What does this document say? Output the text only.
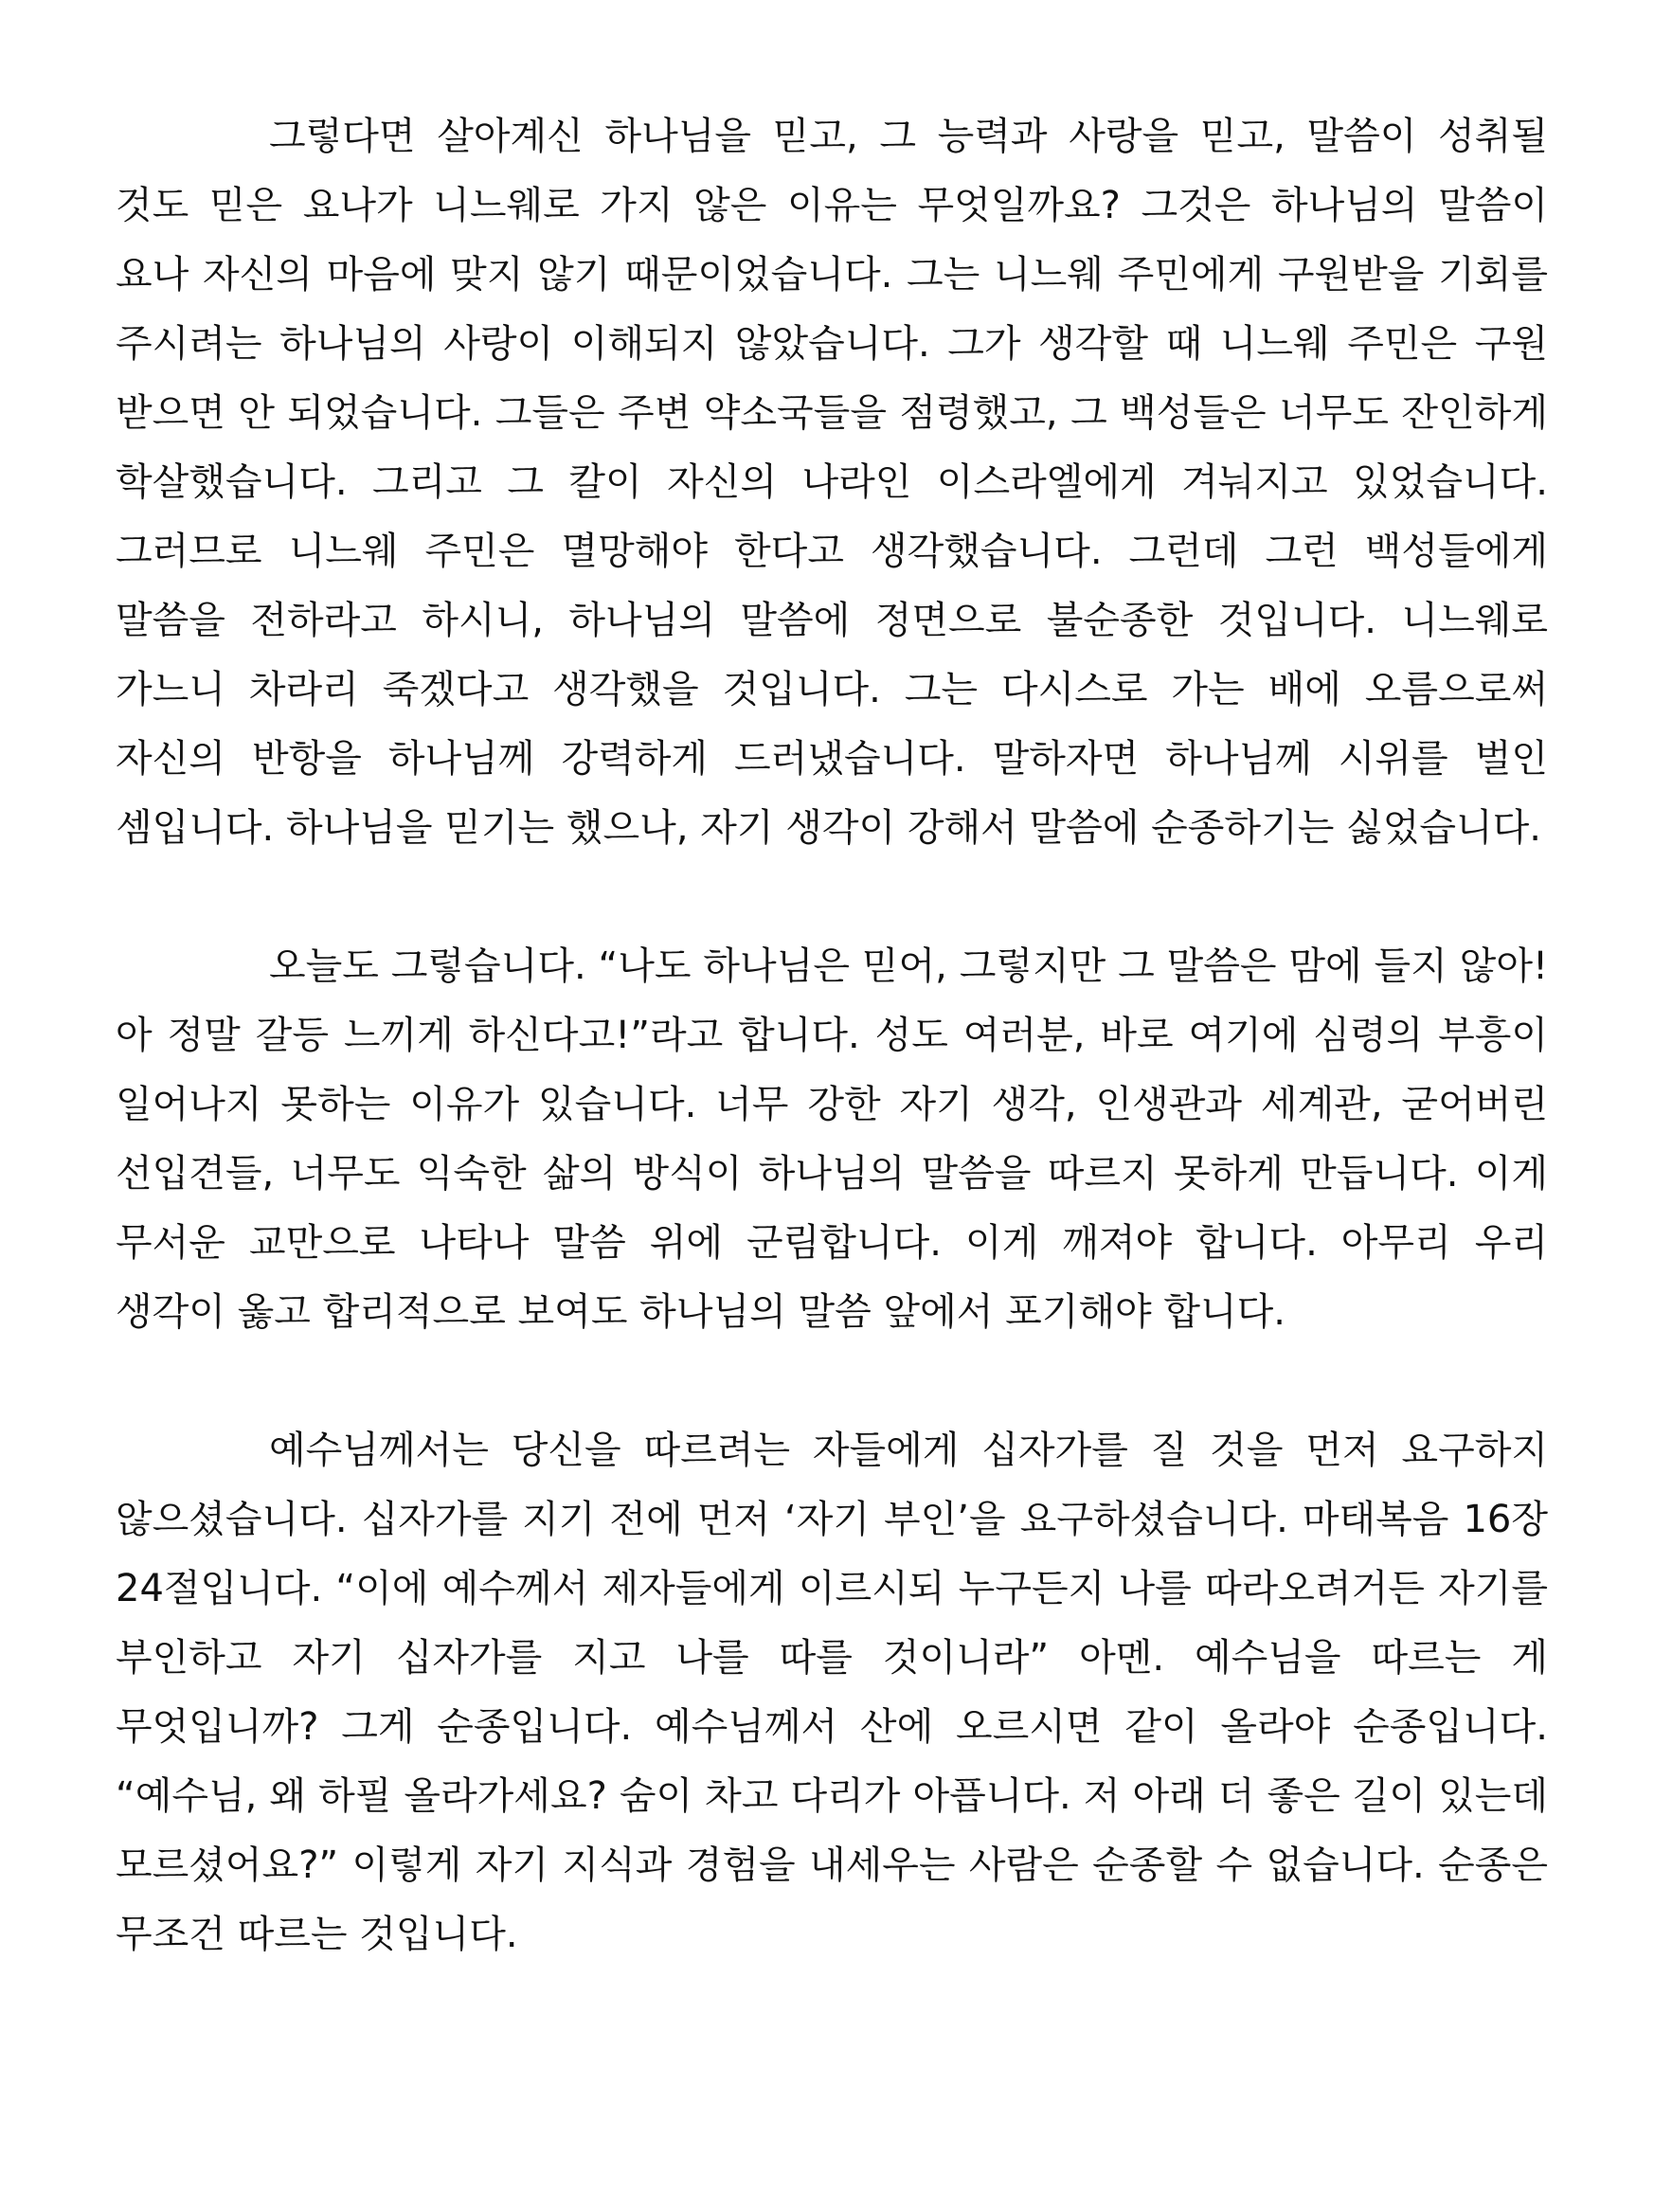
그렇다면 살아계신 하나님을 믿고, 그 능력과 사랑을 믿고, 말씀이 성취될 것도 믿은 요나가 니느웨로 가지 않은 이유는 무엇일까요? 그것은 하나님의 말씀이 요나 자신의 마음에 맞지 않기 때문이었습니다. 그는 니느웨 주민에게 구원받을 기회를 주시려는 하나님의 사랑이 이해되지 않았습니다. 그가 생각할 때 니느웨 주민은 구원 받으면 안 되었습니다. 그들은 주변 약소국들을 점령했고, 그 백성들은 너무도 잔인하게 학살했습니다. 그리고 그 칼이 자신의 나라인 이스라엘에게 겨눠지고 있었습니다. 그러므로 니느웨 주민은 멸망해야 한다고 생각했습니다. 그런데 그런 백성들에게 말씀을 전하라고 하시니, 하나님의 말씀에 정면으로 불순종한 것입니다. 니느웨로 가느니 차라리 죽겠다고 생각했을 것입니다. 그는 다시스로 가는 배에 오름으로써 자신의 반항을 하나님께 강력하게 드러냈습니다. 말하자면 하나님께 시위를 벌인 셈입니다. 하나님을 믿기는 했으나, 자기 생각이 강해서 말씀에 순종하기는 싫었습니다.

오늘도 그렇습니다. “나도 하나님은 믿어, 그렇지만 그 말씀은 맘에 들지 않아! 아 정말 갈등 느끼게 하신다고!”라고 합니다. 성도 여러분, 바로 여기에 심령의 부흥이 일어나지 못하는 이유가 있습니다. 너무 강한 자기 생각, 인생관과 세계관, 굳어버린 선입견들, 너무도 익숙한 삶의 방식이 하나님의 말씀을 따르지 못하게 만듭니다. 이게 무서운 교만으로 나타나 말씀 위에 군림합니다. 이게 깨져야 합니다. 아무리 우리 생각이 옳고 합리적으로 보여도 하나님의 말씀 앞에서 포기해야 합니다.

예수님께서는 당신을 따르려는 자들에게 십자가를 질 것을 먼저 요구하지 않으셨습니다. 십자가를 지기 전에 먼저 ‘자기 부인’을 요구하셨습니다. 마태복음 16장 24절입니다. “이에 예수께서 제자들에게 이르시되 누구든지 나를 따라오려거든 자기를 부인하고 자기 십자가를 지고 나를 따를 것이니라” 아멘. 예수님을 따르는 게 무엇입니까? 그게 순종입니다. 예수님께서 산에 오르시면 같이 올라야 순종입니다. “예수님, 왜 하필 올라가세요? 숨이 차고 다리가 아픕니다. 저 아래 더 좋은 길이 있는데 모르셨어요?” 이렇게 자기 지식과 경험을 내세우는 사람은 순종할 수 없습니다. 순종은 무조건 따르는 것입니다.
